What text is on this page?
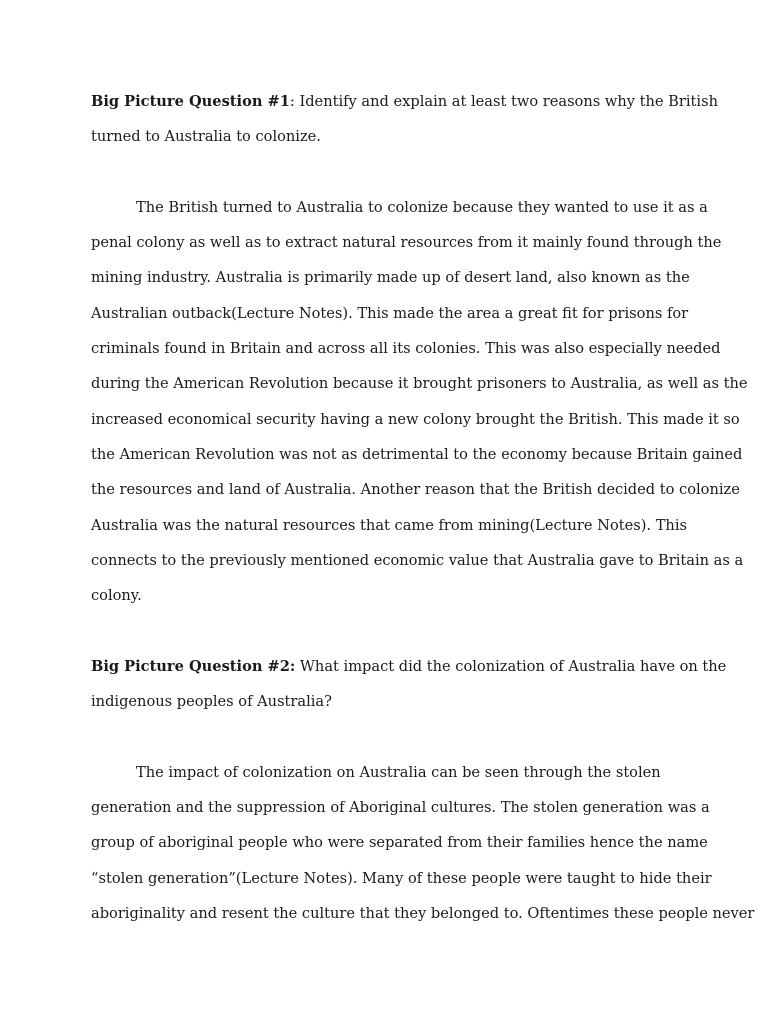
Big Picture Question #1: Identify and explain at least two reasons why the British
turned to Australia to colonize.

The British turned to Australia to colonize because they wanted to use it as a
penal colony as well as to extract natural resources from it mainly found through the
mining industry. Australia is primarily made up of desert land, also known as the
Australian outback(Lecture Notes). This made the area a great fit for prisons for
criminals found in Britain and across all its colonies. This was also especially needed
during the American Revolution because it brought prisoners to Australia, as well as the
increased economical security having a new colony brought the British. This made it so
the American Revolution was not as detrimental to the economy because Britain gained
the resources and land of Australia. Another reason that the British decided to colonize
Australia was the natural resources that came from mining(Lecture Notes). This
connects to the previously mentioned economic value that Australia gave to Britain as a
colony.

Big Picture Question #2: What impact did the colonization of Australia have on the
indigenous peoples of Australia?

The impact of colonization on Australia can be seen through the stolen
generation and the suppression of Aboriginal cultures. The stolen generation was a
group of aboriginal people who were separated from their families hence the name
“stolen generation”(Lecture Notes). Many of these people were taught to hide their
aboriginality and resent the culture that they belonged to. Oftentimes these people never
